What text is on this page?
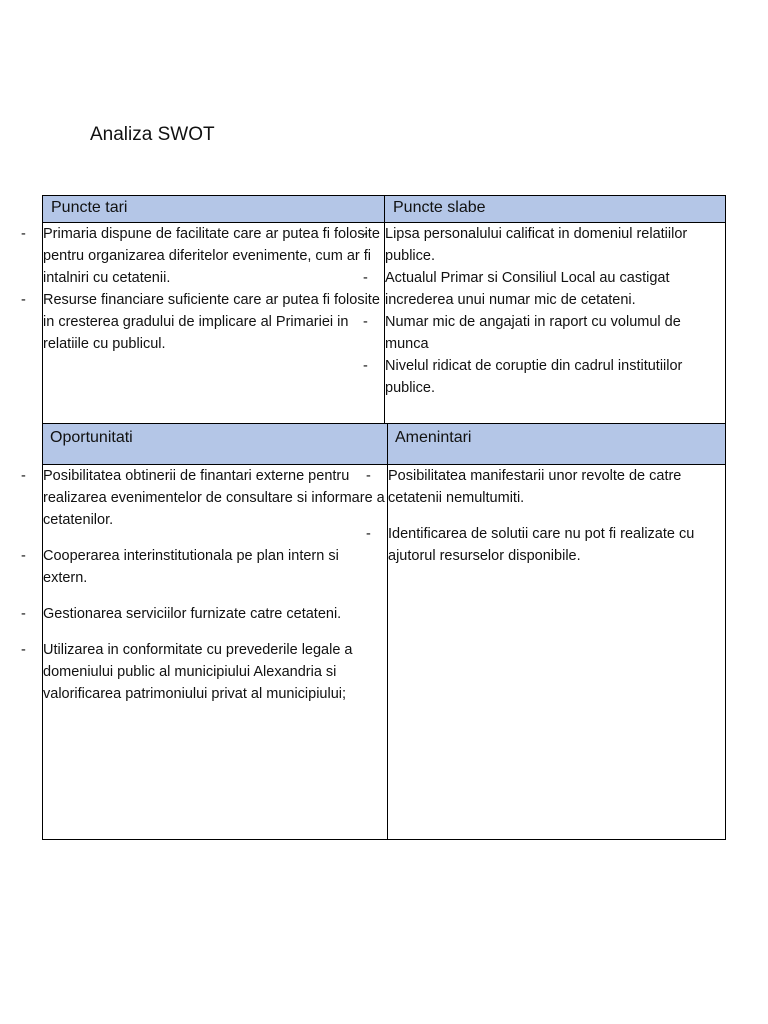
Analiza SWOT
Puncte tari	Puncte slabe
- Primaria dispune de facilitate care ar putea fi folosite pentru organizarea diferitelor evenimente, cum ar fi intalniri cu cetatenii.
- Resurse financiare suficiente care ar putea fi folosite in cresterea gradului de implicare al Primariei in relatiile cu publicul.
- Lipsa personalului calificat in domeniul relatiilor publice.
- Actualul Primar si Consiliul Local au castigat increderea unui numar mic de cetateni.
- Numar mic de angajati in raport cu volumul de munca
- Nivelul ridicat de coruptie din cadrul institutiilor publice.
Oportunitati	Amenintari
- Posibilitatea obtinerii de finantari externe pentru realizarea evenimentelor de consultare si informare a cetatenilor.
- Cooperarea interinstitutionala pe plan intern si extern.
- Gestionarea serviciilor furnizate catre cetateni.
- Utilizarea in conformitate cu prevederile legale a domeniului public al municipiului Alexandria si valorificarea patrimoniului privat al municipiului;
- Posibilitatea manifestarii unor revolte de catre cetatenii nemultumiti.
- Identificarea de solutii care nu pot fi realizate cu ajutorul resurselor disponibile.
